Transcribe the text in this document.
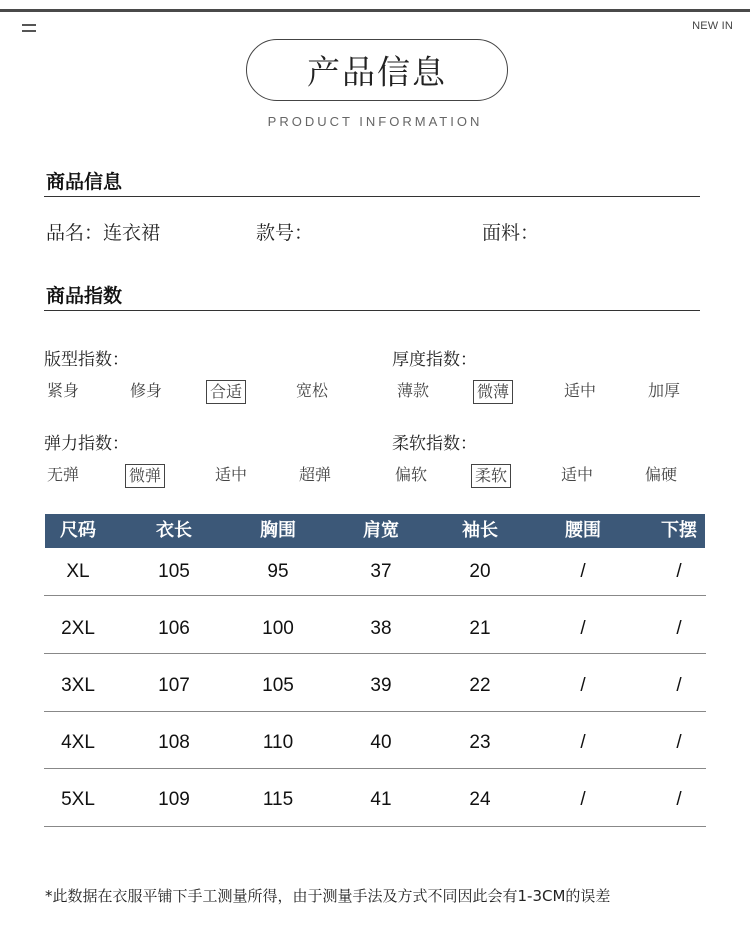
NEW IN
产品信息
PRODUCT INFORMATION
商品信息
品名：连衣裙	款号：	面料：
商品指数
版型指数：
紧身	修身	合适	宽松
厚度指数：
薄款	微薄	适中	加厚
弹力指数：
无弹	微弹	适中	超弹
柔软指数：
偏软	柔软	适中	偏硬
尺码	衣长	胸围	肩宽	袖长	腰围	下摆
XL	105	95	37	20	/	/
2XL	106	100	38	21	/	/
3XL	107	105	39	22	/	/
4XL	108	110	40	23	/	/
5XL	109	115	41	24	/	/
*此数据在衣服平铺下手工测量所得，由于测量手法及方式不同因此会有1-3CM的误差
